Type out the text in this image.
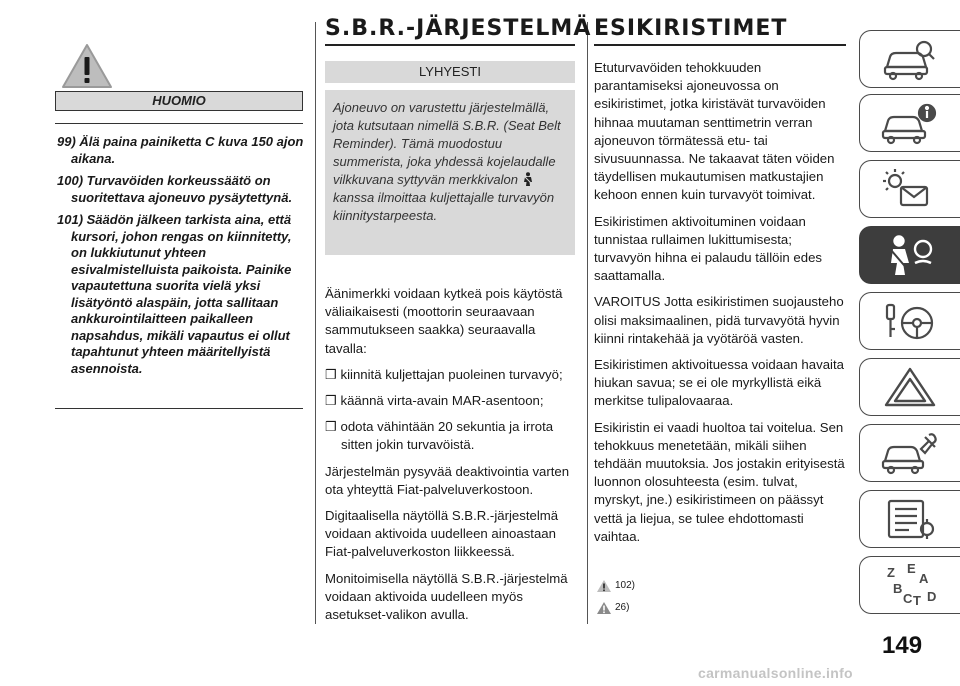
HUOMIO

99) Älä paina painiketta C kuva 150 ajon aikana.

100) Turvavöiden korkeussäätö on suoritettava ajoneuvo pysäytettynä.

101) Säädön jälkeen tarkista aina, että kursori, johon rengas on kiinnitetty, on lukkiutunut yhteen esivalmistelluista paikoista. Painike vapautettuna suorita vielä yksi lisätyöntö alaspäin, jotta sallitaan ankkurointilaitteen paikalleen napsahdus, mikäli vapautus ei ollut tapahtunut yhteen määritellyistä asennoista.

S.B.R.-JÄRJESTELMÄ
LYHYESTI
Ajoneuvo on varustettu järjestelmällä, jota kutsutaan nimellä S.B.R. (Seat Belt Reminder). Tämä muodostuu summerista, joka yhdessä kojelaudalle vilkkuvana syttyvän merkkivalon  kanssa ilmoittaa kuljettajalle turvavyön kiinnitystarpeesta.

Äänimerkki voidaan kytkeä pois käytöstä väliaikaisesti (moottorin seuraavaan sammutukseen saakka) seuraavalla tavalla:

❒ kiinnitä kuljettajan puoleinen turvavyö;

❒ käännä virta-avain MAR-asentoon;

❒ odota vähintään 20 sekuntia ja irrota sitten jokin turvavöistä.

Järjestelmän pysyvää deaktivointia varten ota yhteyttä Fiat-palveluverkostoon.

Digitaalisella näytöllä S.B.R.-järjestelmä voidaan aktivoida uudelleen ainoastaan Fiat-palveluverkoston liikkeessä.

Monitoimisella näytöllä S.B.R.-järjestelmä voidaan aktivoida uudelleen myös asetukset-valikon avulla.

ESIKIRISTIMET

Etuturvavöiden tehokkuuden parantamiseksi ajoneuvossa on esikiristimet, jotka kiristävät turvavöiden hihnaa muutaman senttimetrin verran ajoneuvon törmätessä etu- tai sivusuunnassa. Ne takaavat täten vöiden täydellisen mukautumisen matkustajien kehoon ennen kuin turvavyöt toimivat.

Esikiristimen aktivoituminen voidaan tunnistaa rullaimen lukittumisesta; turvavyön hihna ei palaudu tällöin edes saattamalla.

VAROITUS Jotta esikiristimen suojausteho olisi maksimaalinen, pidä turvavyötä hyvin kiinni rintakehää ja vyötäröä vasten.

Esikiristimen aktivoituessa voidaan havaita hiukan savua; se ei ole myrkyllistä eikä merkitse tulipalovaaraa.

Esikiristin ei vaadi huoltoa tai voitelua. Sen tehokkuus menetetään, mikäli siihen tehdään muutoksia. Jos jostakin erityisestä luonnon olosuhteesta (esim. tulvat, myrskyt, jne.) esikiristimeen on päässyt vettä ja liejua, se tulee ehdottomasti vaihtaa.

102)
26)
Z E
A
B
C T D
149
carmanualsonline.info
